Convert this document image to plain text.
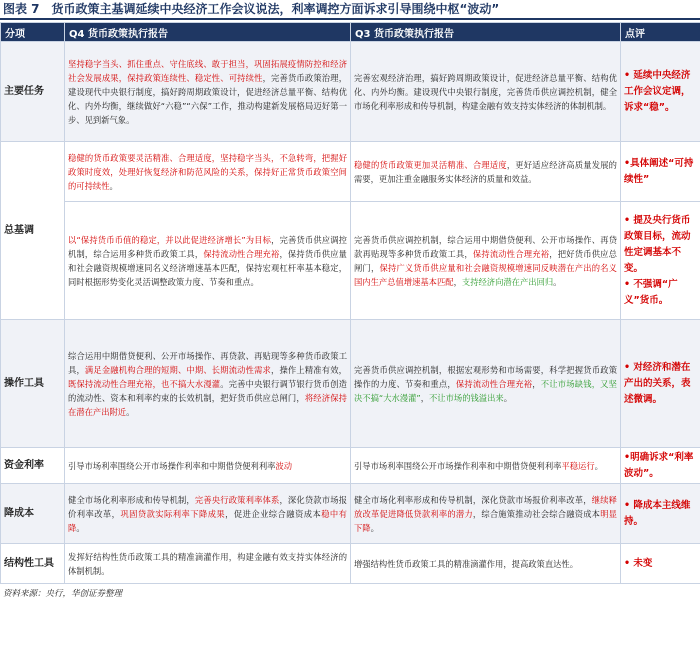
图表 7　货币政策主基调延续中央经济工作会议说法，利率调控方面诉求引导围绕中枢“波动”
分项	Q4 货币政策执行报告	Q3 货币政策执行报告	点评
主要任务	坚持稳字当头、抓住重点、守住底线、敢于担当，巩固拓展疫情防控和经济社会发展成果，保持政策连续性、稳定性、可持续性，完善货币政策治理，建设现代中央银行制度，搞好跨周期政策设计，促进经济总量平衡、结构优化、内外均衡，继续做好“六稳”“六保”工作，推动构建新发展格局迈好第一步、见到新气象。	完善宏观经济治理，搞好跨周期政策设计，促进经济总量平衡、结构优化、内外均衡。建设现代中央银行制度，完善货币供应调控机制，健全市场化利率形成和传导机制，构建金融有效支持实体经济的体制机制。	• 延续中央经济工作会议定调，诉求“稳”。
总基调	稳健的货币政策要灵活精准、合理适度，坚持稳字当头，不急转弯，把握好政策时度效，处理好恢复经济和防范风险的关系，保持好正常货币政策空间的可持续性。	稳健的货币政策更加灵活精准、合理适度，更好适应经济高质量发展的需要，更加注重金融服务实体经济的质量和效益。	•具体阐述“可持续性”
	以“保持货币币值的稳定，并以此促进经济增长”为目标，完善货币供应调控机制，综合运用多种货币政策工具，保持流动性合理充裕，保持货币供应量和社会融资规模增速同名义经济增速基本匹配，保持宏观杠杆率基本稳定，同时根据形势变化灵活调整政策力度、节奏和重点。	完善货币供应调控机制，综合运用中期借贷便利、公开市场操作、再贷款再贴现等多种货币政策工具，保持流动性合理充裕，把好货币供应总闸门，保持广义货币供应量和社会融资规模增速同反映潜在产出的名义国内生产总值增速基本匹配，支持经济向潜在产出回归。	• 提及央行货币政策目标，流动性定调基本不变。
• 不强调“广义”货币。
操作工具	综合运用中期借贷便利、公开市场操作、再贷款、再贴现等多种货币政策工具，满足金融机构合理的短期、中期、长期流动性需求，操作上精准有效，既保持流动性合理充裕，也不搞大水漫灌。完善中央银行调节银行货币创造的流动性、资本和利率约束的长效机制，把好货币供应总闸门，将经济保持在潜在产出附近。	完善货币供应调控机制，根据宏观形势和市场需要，科学把握货币政策操作的力度、节奏和重点，保持流动性合理充裕，不让市场缺钱，又坚决不搞“大水漫灌”，不让市场的钱溢出来。	• 对经济和潜在产出的关系，表述微调。
资金利率	引导市场利率围绕公开市场操作利率和中期借贷便利利率波动	引导市场利率围绕公开市场操作利率和中期借贷便利利率平稳运行。	•明确诉求“利率波动”。
降成本	健全市场化利率形成和传导机制，完善央行政策利率体系，深化贷款市场报价利率改革，巩固贷款实际利率下降成果，促进企业综合融资成本稳中有降。	健全市场化利率形成和传导机制，深化贷款市场报价利率改革，继续释放改革促进降低贷款利率的潜力，综合施策推动社会综合融资成本明显下降。	• 降成本主线维持。
结构性工具	发挥好结构性货币政策工具的精准滴灌作用，构建金融有效支持实体经济的体制机制。	增强结构性货币政策工具的精准滴灌作用，提高政策直达性。	• 未变
资料来源：央行，华创证券整理
